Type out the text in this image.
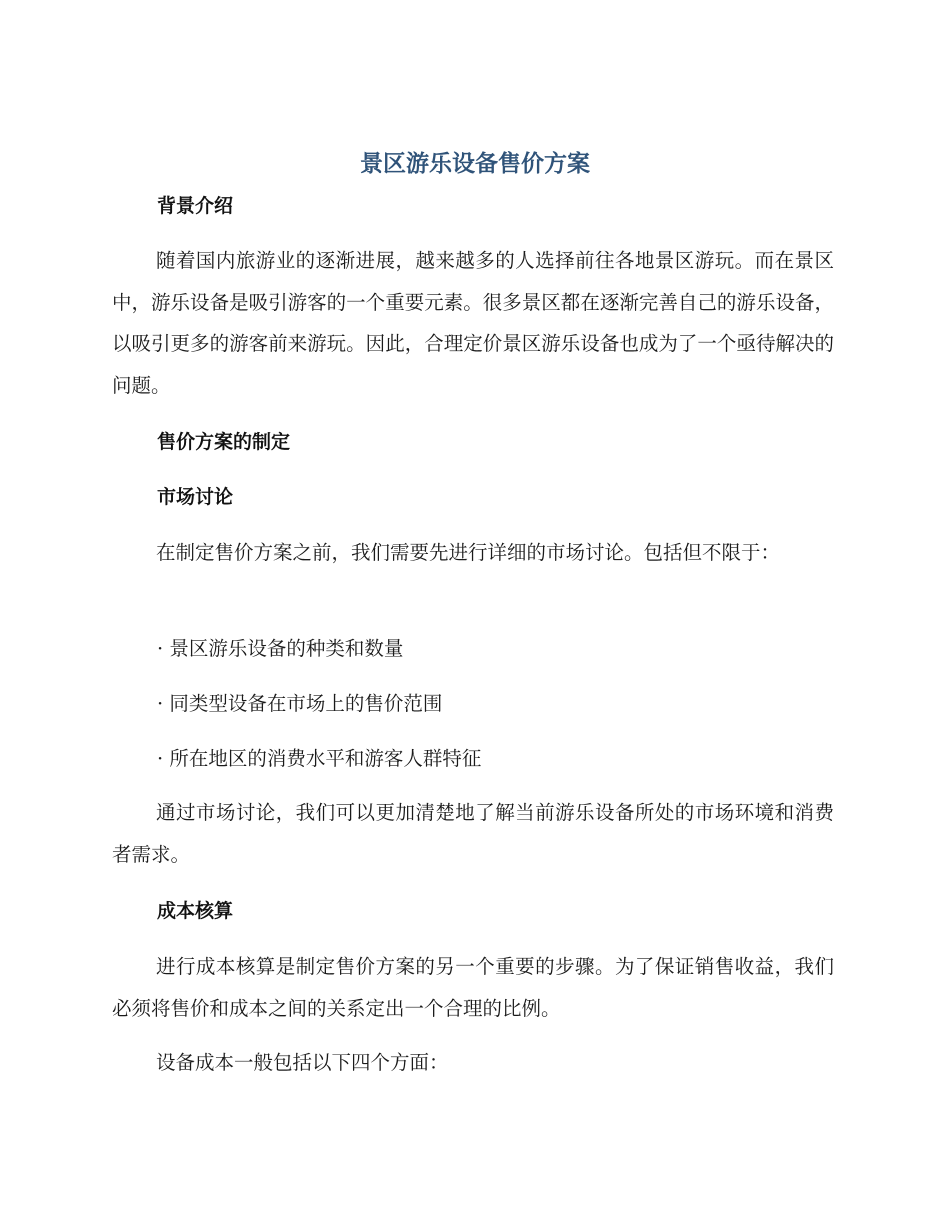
景区游乐设备售价方案
背景介绍

随着国内旅游业的逐渐进展，越来越多的人选择前往各地景区游玩。而在景区中，游乐设备是吸引游客的一个重要元素。很多景区都在逐渐完善自己的游乐设备，以吸引更多的游客前来游玩。因此，合理定价景区游乐设备也成为了一个亟待解决的问题。

售价方案的制定
市场讨论

在制定售价方案之前，我们需要先进行详细的市场讨论。包括但不限于：

· 景区游乐设备的种类和数量
· 同类型设备在市场上的售价范围
· 所在地区的消费水平和游客人群特征

通过市场讨论，我们可以更加清楚地了解当前游乐设备所处的市场环境和消费者需求。

成本核算

进行成本核算是制定售价方案的另一个重要的步骤。为了保证销售收益，我们必须将售价和成本之间的关系定出一个合理的比例。

设备成本一般包括以下四个方面：
